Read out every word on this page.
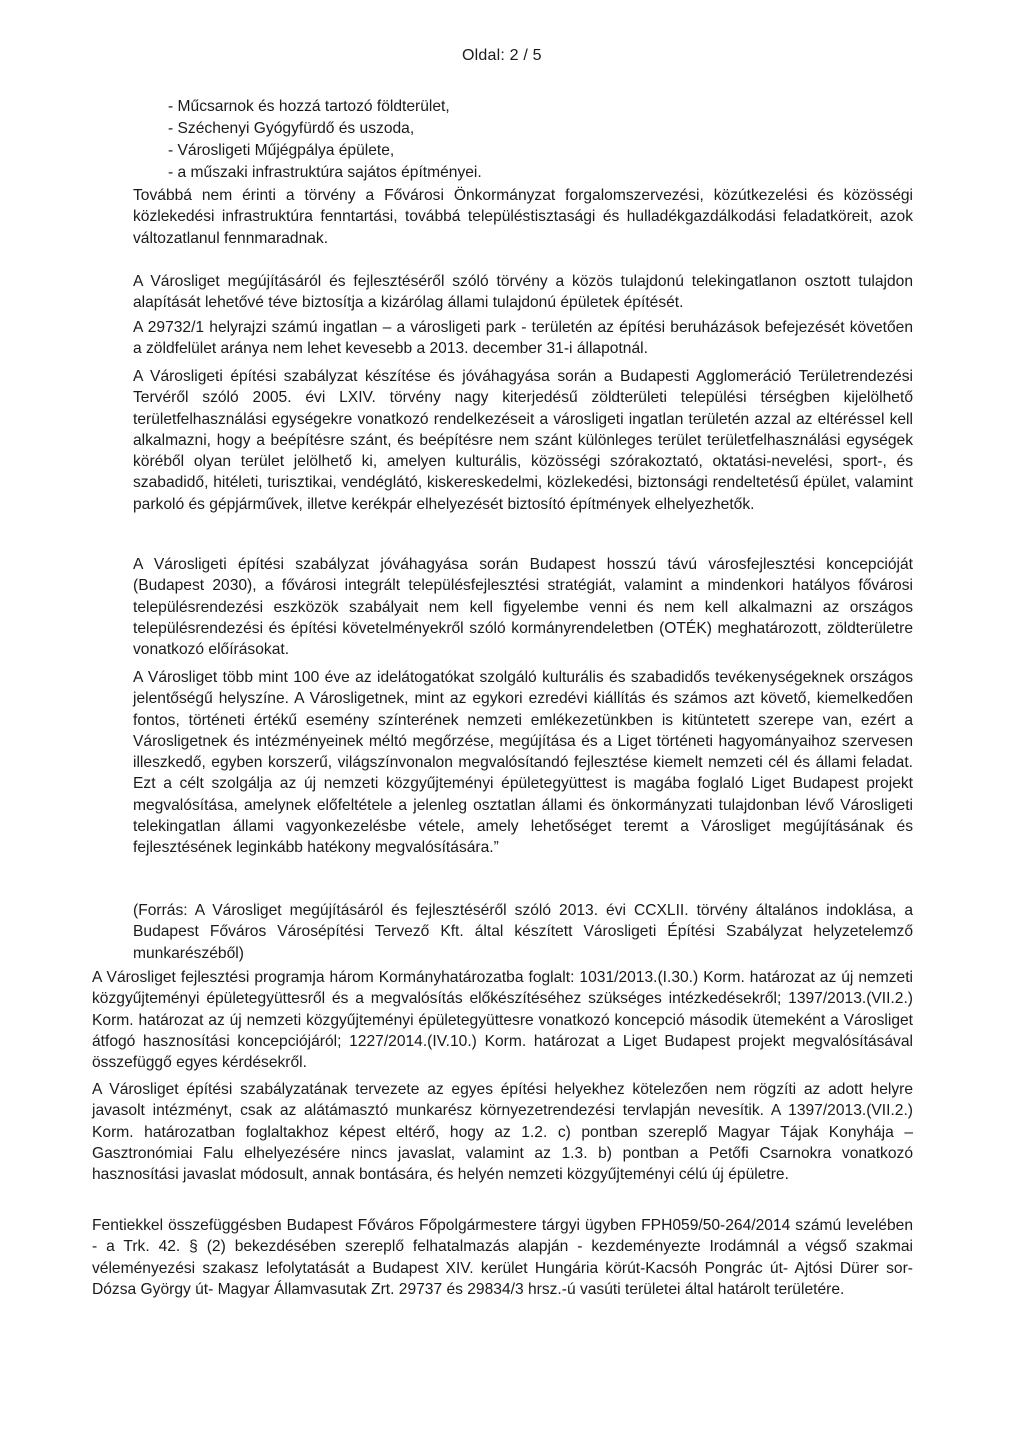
Oldal: 2 / 5
- Műcsarnok és hozzá tartozó földterület,
- Széchenyi Gyógyfürdő és uszoda,
- Városligeti Műjégpálya épülete,
- a műszaki infrastruktúra sajátos építményei.

Továbbá nem érinti a törvény a Fővárosi Önkormányzat forgalomszervezési, közútkezelési és közösségi közlekedési infrastruktúra fenntartási, továbbá településtisztasági és hulladékgazdálkodási feladatköreit, azok változatlanul fennmaradnak.

A Városliget megújításáról és fejlesztéséről szóló törvény a közös tulajdonú telekingatlanon osztott tulajdon alapítását lehetővé téve biztosítja a kizárólag állami tulajdonú épületek építését.

A 29732/1 helyrajzi számú ingatlan – a városligeti park - területén az építési beruházások befejezését követően a zöldfelület aránya nem lehet kevesebb a 2013. december 31-i állapotnál.

A Városligeti építési szabályzat készítése és jóváhagyása során a Budapesti Agglomeráció Területrendezési Tervéről szóló 2005. évi LXIV. törvény nagy kiterjedésű zöldterületi települési térségben kijelölhető területfelhasználási egységekre vonatkozó rendelkezéseit a városligeti ingatlan területén azzal az eltéréssel kell alkalmazni, hogy a beépítésre szánt, és beépítésre nem szánt különleges terület területfelhasználási egységek köréből olyan terület jelölhető ki, amelyen kulturális, közösségi szórakoztató, oktatási-nevelési, sport-, és szabadidő, hitéleti, turisztikai, vendéglátó, kiskereskedelmi, közlekedési, biztonsági rendeltetésű épület, valamint parkoló és gépjárművek, illetve kerékpár elhelyezését biztosító építmények elhelyezhetők.

A Városligeti építési szabályzat jóváhagyása során Budapest hosszú távú városfejlesztési koncepcióját (Budapest 2030), a fővárosi integrált településfejlesztési stratégiát, valamint a mindenkori hatályos fővárosi településrendezési eszközök szabályait nem kell figyelembe venni és nem kell alkalmazni az országos településrendezési és építési követelményekről szóló kormányrendeletben (OTÉK) meghatározott, zöldterületre vonatkozó előírásokat.

A Városliget több mint 100 éve az idelátogatókat szolgáló kulturális és szabadidős tevékenységeknek országos jelentőségű helyszíne. A Városligetnek, mint az egykori ezredévi kiállítás és számos azt követő, kiemelkedően fontos, történeti értékű esemény színterének nemzeti emlékezetünkben is kitüntetett szerepe van, ezért a Városligetnek és intézményeinek méltó megőrzése, megújítása és a Liget történeti hagyományaihoz szervesen illeszkedő, egyben korszerű, világszínvonalon megvalósítandó fejlesztése kiemelt nemzeti cél és állami feladat. Ezt a célt szolgálja az új nemzeti közgyűjteményi épületegyüttest is magába foglaló Liget Budapest projekt megvalósítása, amelynek előfeltétele a jelenleg osztatlan állami és önkormányzati tulajdonban lévő Városligeti telekingatlan állami vagyonkezelésbe vétele, amely lehetőséget teremt a Városliget megújításának és fejlesztésének leginkább hatékony megvalósítására.”

(Forrás: A Városliget megújításáról és fejlesztéséről szóló 2013. évi CCXLII. törvény általános indoklása, a Budapest Főváros Városépítési Tervező Kft. által készített Városligeti Építési Szabályzat helyzetelemző munkarészéből)

A Városliget fejlesztési programja három Kormányhatározatba foglalt: 1031/2013.(I.30.) Korm. határozat az új nemzeti közgyűjteményi épületegyüttesről és a megvalósítás előkészítéséhez szükséges intézkedésekről; 1397/2013.(VII.2.) Korm. határozat az új nemzeti közgyűjteményi épületegyüttesre vonatkozó koncepció második ütemeként a Városliget átfogó hasznosítási koncepciójáról; 1227/2014.(IV.10.) Korm. határozat a Liget Budapest projekt megvalósításával összefüggő egyes kérdésekről.

A Városliget építési szabályzatának tervezete az egyes építési helyekhez kötelezően nem rögzíti az adott helyre javasolt intézményt, csak az alátámasztó munkarész környezetrendezési tervlapján nevesítik. A 1397/2013.(VII.2.) Korm. határozatban foglaltakhoz képest eltérő, hogy az 1.2. c) pontban szereplő Magyar Tájak Konyhája – Gasztronómiai Falu elhelyezésére nincs javaslat, valamint az 1.3. b) pontban a Petőfi Csarnokra vonatkozó hasznosítási javaslat módosult, annak bontására, és helyén nemzeti közgyűjteményi célú új épületre.

Fentiekkel összefüggésben Budapest Főváros Főpolgármestere tárgyi ügyben FPH059/50-264/2014 számú levelében - a Trk. 42. § (2) bekezdésében szereplő felhatalmazás alapján - kezdeményezte Irodámnál a végső szakmai véleményezési szakasz lefolytatását a Budapest XIV. kerület Hungária körút-Kacsóh Pongrác út- Ajtósi Dürer sor- Dózsa György út- Magyar Államvasutak Zrt. 29737 és 29834/3 hrsz.-ú vasúti területei által határolt területére.
